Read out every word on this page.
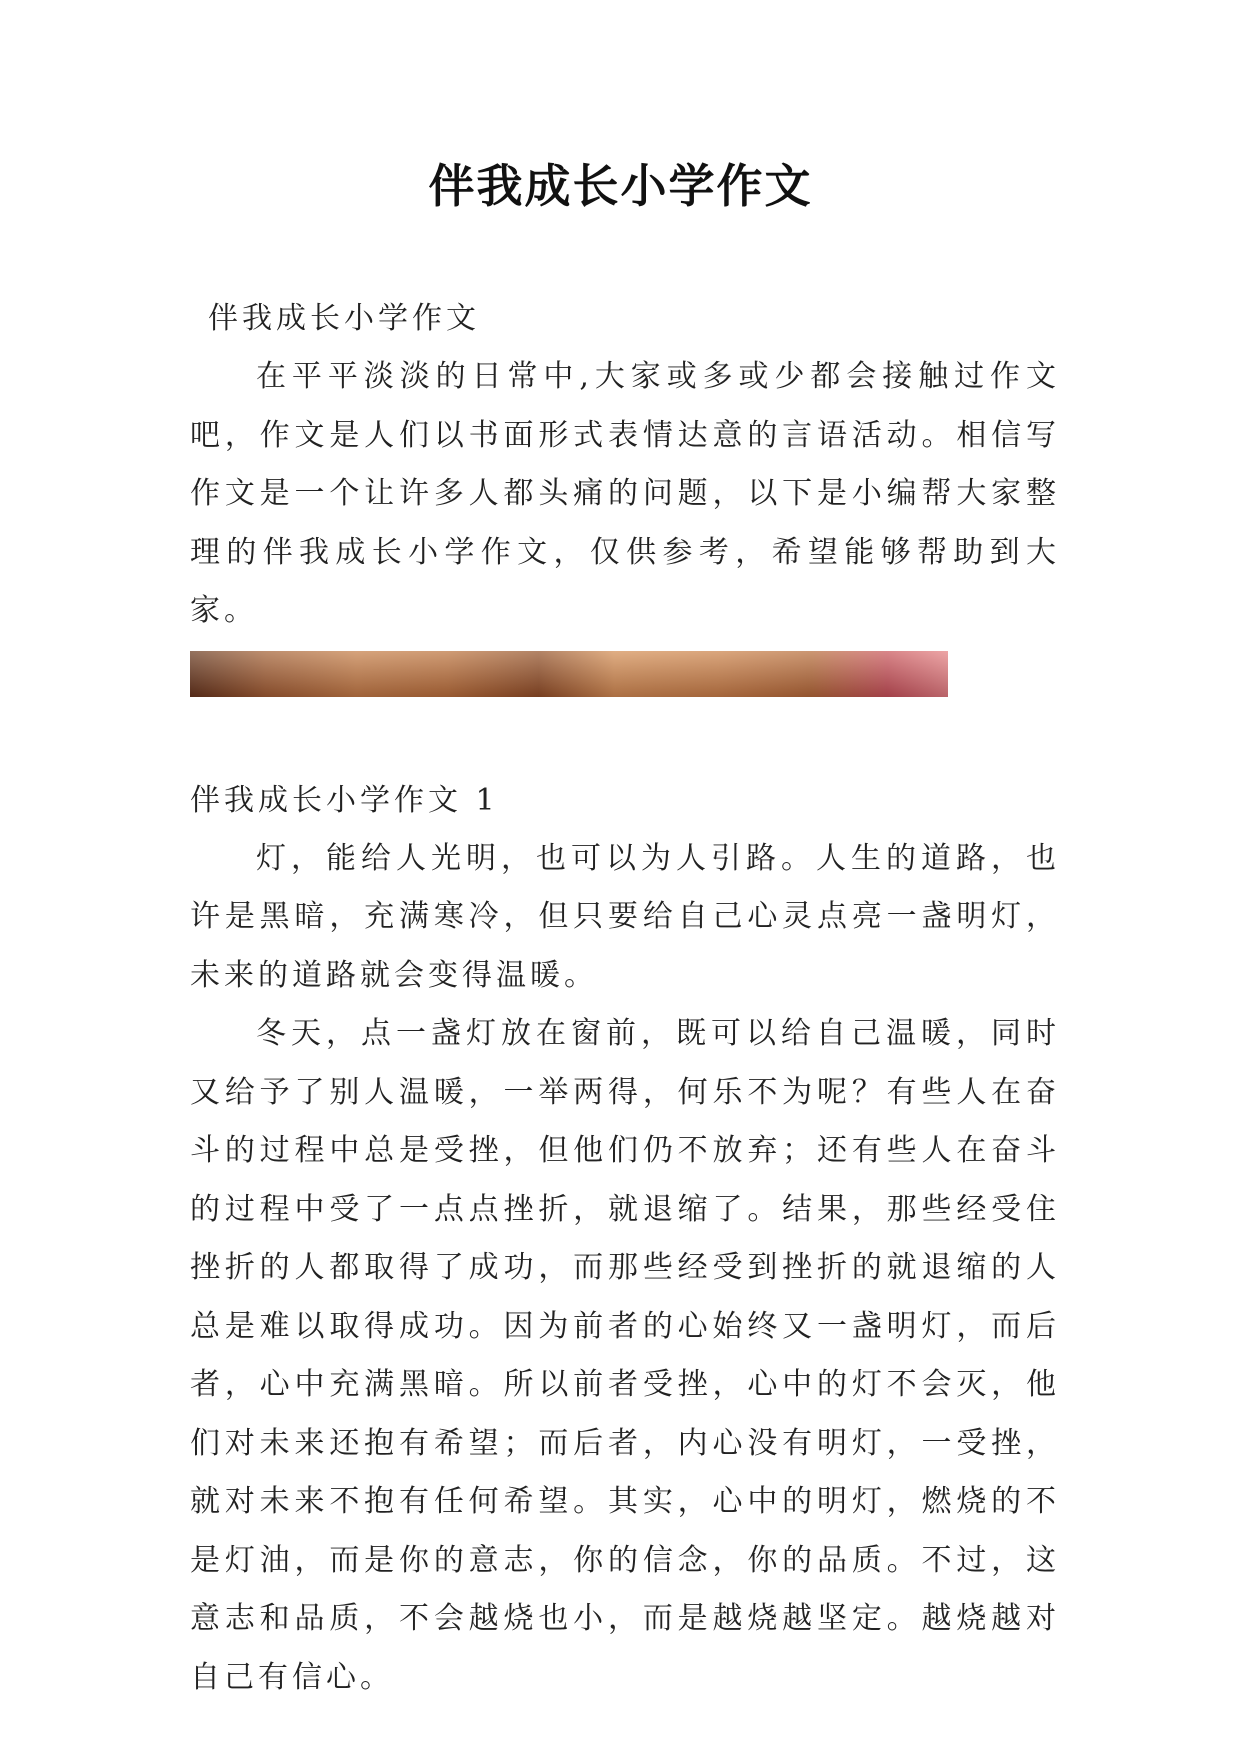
伴我成长小学作文

伴我成长小学作文

在平平淡淡的日常中,大家或多或少都会接触过作文吧，作文是人们以书面形式表情达意的言语活动。相信写作文是一个让许多人都头痛的问题，以下是小编帮大家整理的伴我成长小学作文，仅供参考，希望能够帮助到大家。

伴我成长小学作文 1

灯，能给人光明，也可以为人引路。人生的道路，也许是黑暗，充满寒冷，但只要给自己心灵点亮一盏明灯，未来的道路就会变得温暖。

冬天，点一盏灯放在窗前，既可以给自己温暖，同时又给予了别人温暖，一举两得，何乐不为呢？有些人在奋斗的过程中总是受挫，但他们仍不放弃；还有些人在奋斗的过程中受了一点点挫折，就退缩了。结果，那些经受住挫折的人都取得了成功，而那些经受到挫折的就退缩的人总是难以取得成功。因为前者的心始终又一盏明灯，而后者，心中充满黑暗。所以前者受挫，心中的灯不会灭，他们对未来还抱有希望；而后者，内心没有明灯，一受挫，就对未来不抱有任何希望。其实，心中的明灯，燃烧的不是灯油，而是你的意志，你的信念，你的品质。不过，这意志和品质，不会越烧也小，而是越烧越坚定。越烧越对自己有信心。
